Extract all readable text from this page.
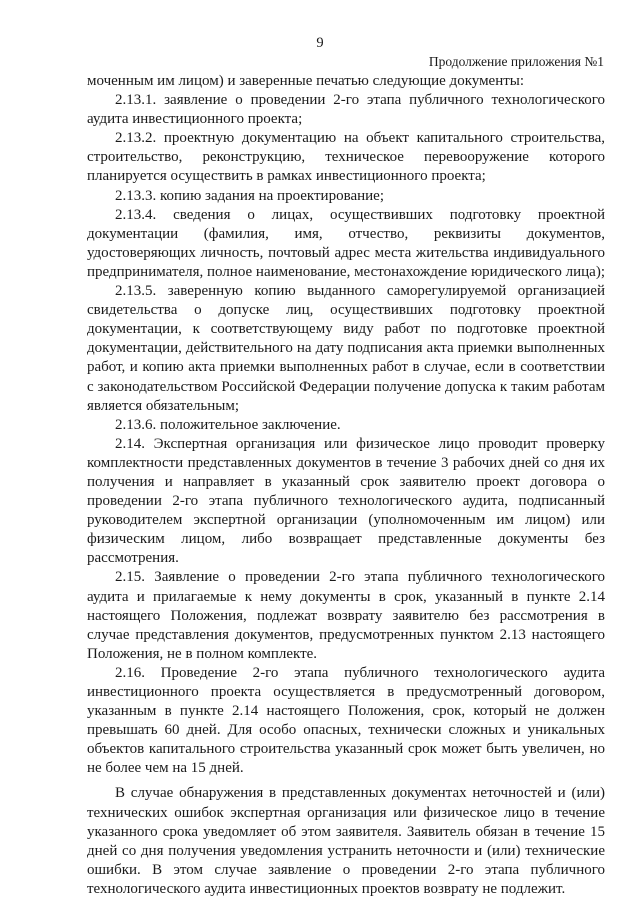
9
Продолжение приложения №1

моченным им лицом) и заверенные печатью следующие документы:

2.13.1. заявление о проведении 2-го этапа публичного технологического аудита инвестиционного проекта;

2.13.2. проектную документацию на объект капитального строительства, строительство, реконструкцию, техническое перевооружение которого планируется осуществить в рамках инвестиционного проекта;

2.13.3. копию задания на проектирование;

2.13.4. сведения о лицах, осуществивших подготовку проектной документации (фамилия, имя, отчество, реквизиты документов, удостоверяющих личность, почтовый адрес места жительства индивидуального предпринимателя, полное наименование, местонахождение юридического лица);

2.13.5. заверенную копию выданного саморегулируемой организацией свидетельства о допуске лиц, осуществивших подготовку проектной документации, к соответствующему виду работ по подготовке проектной документации, действительного на дату подписания акта приемки выполненных работ, и копию акта приемки выполненных работ в случае, если в соответствии с законодательством Российской Федерации получение допуска к таким работам является обязательным;

2.13.6. положительное заключение.

2.14. Экспертная организация или физическое лицо проводит проверку комплектности представленных документов в течение 3 рабочих дней со дня их получения и направляет в указанный срок заявителю проект договора о проведении 2-го этапа публичного технологического аудита, подписанный руководителем экспертной организации (уполномоченным им лицом) или физическим лицом, либо возвращает представленные документы без рассмотрения.

2.15. Заявление о проведении 2-го этапа публичного технологического аудита и прилагаемые к нему документы в срок, указанный в пункте 2.14 настоящего Положения, подлежат возврату заявителю без рассмотрения в случае представления документов, предусмотренных пунктом 2.13 настоящего Положения, не в полном комплекте.

2.16. Проведение 2-го этапа публичного технологического аудита инвестиционного проекта осуществляется в предусмотренный договором, указанным в пункте 2.14 настоящего Положения, срок, который не должен превышать 60 дней. Для особо опасных, технически сложных и уникальных объектов капитального строительства указанный срок может быть увеличен, но не более чем на 15 дней.

В случае обнаружения в представленных документах неточностей и (или) технических ошибок экспертная организация или физическое лицо в течение указанного срока уведомляет об этом заявителя. Заявитель обязан в течение 15 дней со дня получения уведомления устранить неточности и (или) технические ошибки. В этом случае заявление о проведении 2-го этапа публичного технологического аудита инвестиционных проектов возврату не подлежит.
